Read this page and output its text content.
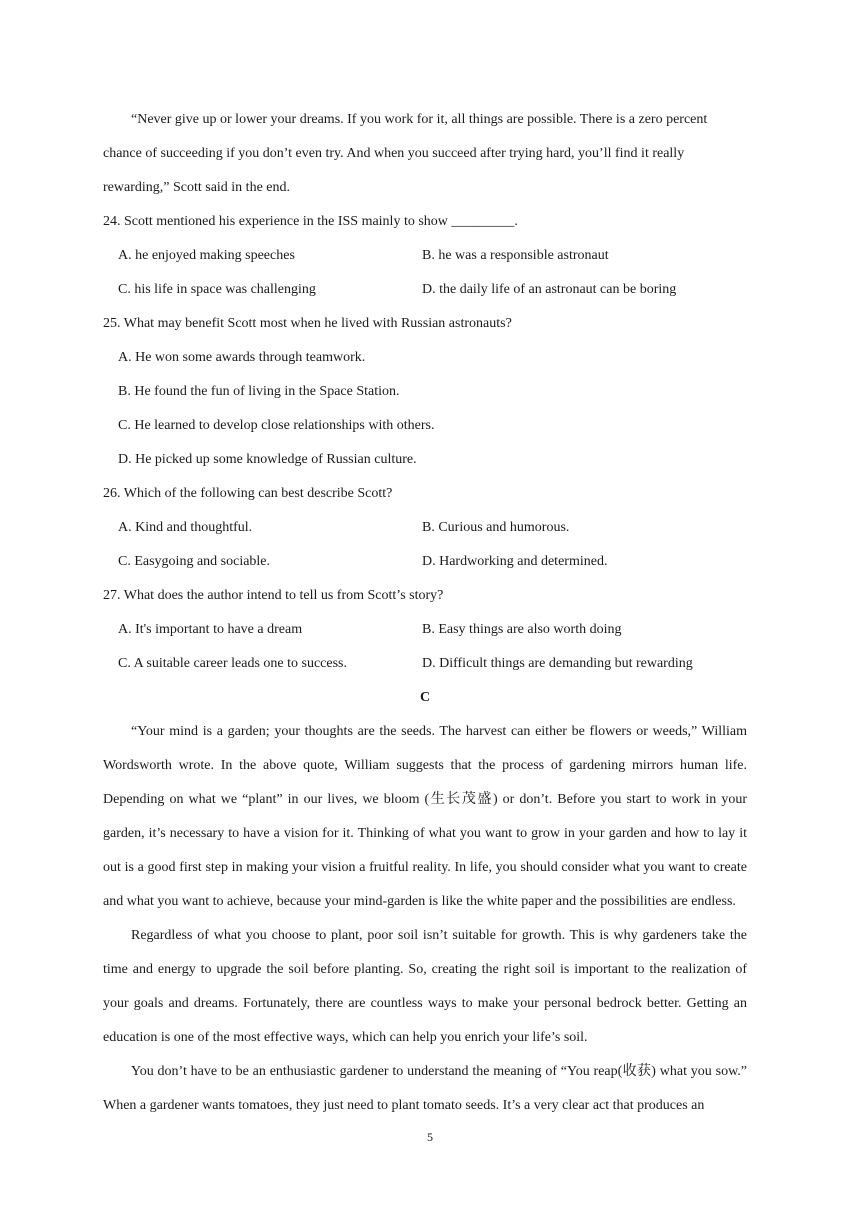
“Never give up or lower your dreams. If you work for it, all things are possible. There is a zero percent
chance of succeeding if you don’t even try. And when you succeed after trying hard, you’ll find it really
rewarding,” Scott said in the end.
24. Scott mentioned his experience in the ISS mainly to show _________.
A. he enjoyed making speeches	B. he was a responsible astronaut
C. his life in space was challenging	D. the daily life of an astronaut can be boring
25. What may benefit Scott most when he lived with Russian astronauts?
A. He won some awards through teamwork.
B. He found the fun of living in the Space Station.
C. He learned to develop close relationships with others.
D. He picked up some knowledge of Russian culture.
26. Which of the following can best describe Scott?
A. Kind and thoughtful.	B. Curious and humorous.
C. Easygoing and sociable.	D. Hardworking and determined.
27. What does the author intend to tell us from Scott’s story?
A. It's important to have a dream	B. Easy things are also worth doing
C. A suitable career leads one to success.	D. Difficult things are demanding but rewarding
C

“Your mind is a garden; your thoughts are the seeds. The harvest can either be flowers or weeds,” William Wordsworth wrote. In the above quote, William suggests that the process of gardening mirrors human life. Depending on what we “plant” in our lives, we bloom (生长茂盛) or don’t. Before you start to work in your garden, it’s necessary to have a vision for it. Thinking of what you want to grow in your garden and how to lay it out is a good first step in making your vision a fruitful reality. In life, you should consider what you want to create and what you want to achieve, because your mind-garden is like the white paper and the possibilities are endless.

Regardless of what you choose to plant, poor soil isn’t suitable for growth. This is why gardeners take the time and energy to upgrade the soil before planting. So, creating the right soil is important to the realization of your goals and dreams. Fortunately, there are countless ways to make your personal bedrock better. Getting an education is one of the most effective ways, which can help you enrich your life’s soil.

You don’t have to be an enthusiastic gardener to understand the meaning of “You reap(收获) what you sow.” When a gardener wants tomatoes, they just need to plant tomato seeds. It’s a very clear act that produces an

5
